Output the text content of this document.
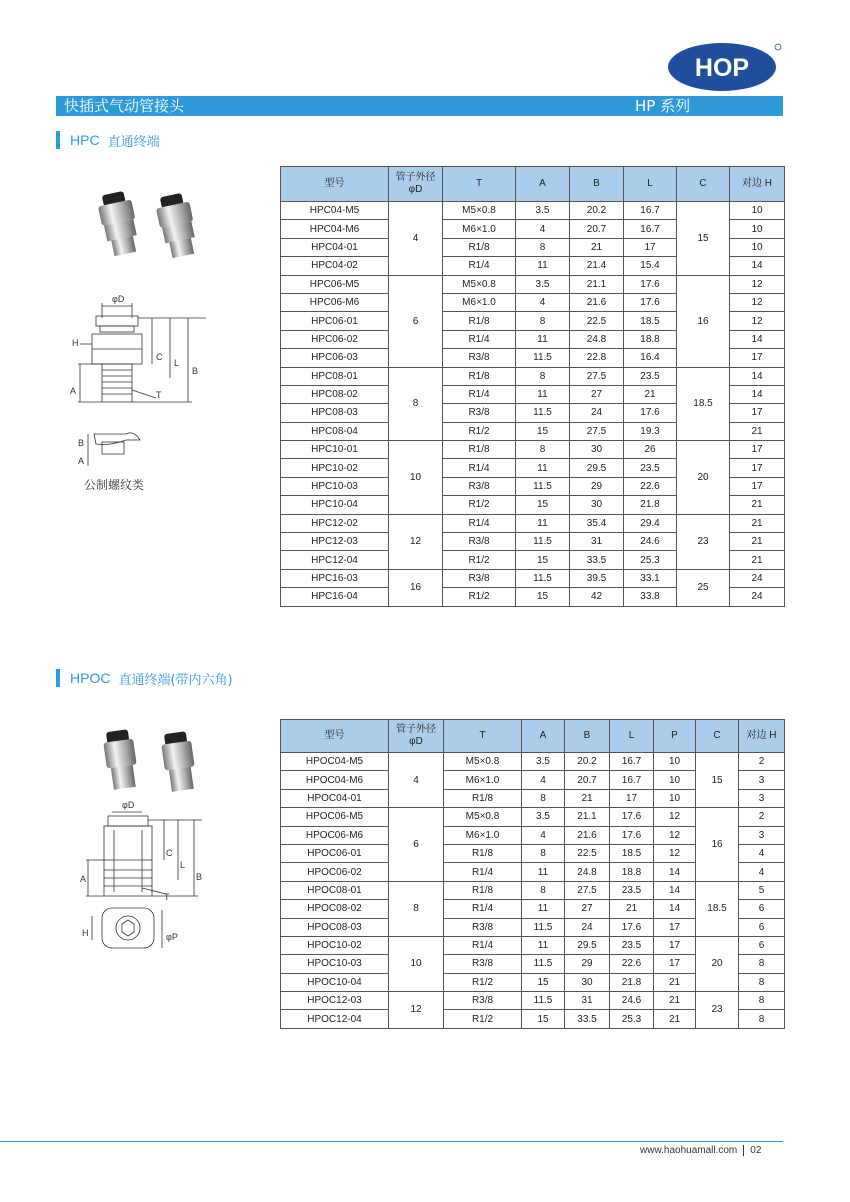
HOP
快插式气动管接头	HP 系列
HPC 直通终端
φD
H
C
L
B
A	T
B
A
公制螺纹类
型号	管子外径 φD	T	A	B	L	C	对边 H
HPC04-M5	4	M5×0.8	3.5	20.2	16.7	15	10
HPC04-M6		M6×1.0	4	20.7	16.7		10
HPC04-01		R1/8	8	21	17		10
HPC04-02		R1/4	11	21.4	15.4		14
HPC06-M5	6	M5×0.8	3.5	21.1	17.6	16	12
HPC06-M6		M6×1.0	4	21.6	17.6		12
HPC06-01		R1/8	8	22.5	18.5		12
HPC06-02		R1/4	11	24.8	18.8		14
HPC06-03		R3/8	11.5	22.8	16.4		17
HPC08-01	8	R1/8	8	27.5	23.5	18.5	14
HPC08-02		R1/4	11	27	21		14
HPC08-03		R3/8	11.5	24	17.6		17
HPC08-04		R1/2	15	27.5	19.3		21
HPC10-01	10	R1/8	8	30	26	20	17
HPC10-02		R1/4	11	29.5	23.5		17
HPC10-03		R3/8	11.5	29	22.6		17
HPC10-04		R1/2	15	30	21.8		21
HPC12-02	12	R1/4	11	35.4	29.4	23	21
HPC12-03		R3/8	11.5	31	24.6		21
HPC12-04		R1/2	15	33.5	25.3		21
HPC16-03	16	R3/8	11.5	39.5	33.1	25	24
HPC16-04		R1/2	15	42	33.8		24
HPOC 直通终端(带内六角)
φD
C
L
B
A
T
H	φP
型号	管子外径 φD	T	A	B	L	P	C	对边 H
HPOC04-M5	4	M5×0.8	3.5	20.2	16.7	10	15	2
HPOC04-M6		M6×1.0	4	20.7	16.7	10		3
HPOC04-01		R1/8	8	21	17	10		3
HPOC06-M5	6	M5×0.8	3.5	21.1	17.6	12	16	2
HPOC06-M6		M6×1.0	4	21.6	17.6	12		3
HPOC06-01		R1/8	8	22.5	18.5	12		4
HPOC06-02		R1/4	11	24.8	18.8	14		4
HPOC08-01	8	R1/8	8	27.5	23.5	14	18.5	5
HPOC08-02		R1/4	11	27	21	14		6
HPOC08-03		R3/8	11.5	24	17.6	17		6
HPOC10-02	10	R1/4	11	29.5	23.5	17	20	6
HPOC10-03		R3/8	11.5	29	22.6	17		8
HPOC10-04		R1/2	15	30	21.8	21		8
HPOC12-03	12	R3/8	11.5	31	24.6	21	23	8
HPOC12-04		R1/2	15	33.5	25.3	21		8
www.haohuamall.com 02
